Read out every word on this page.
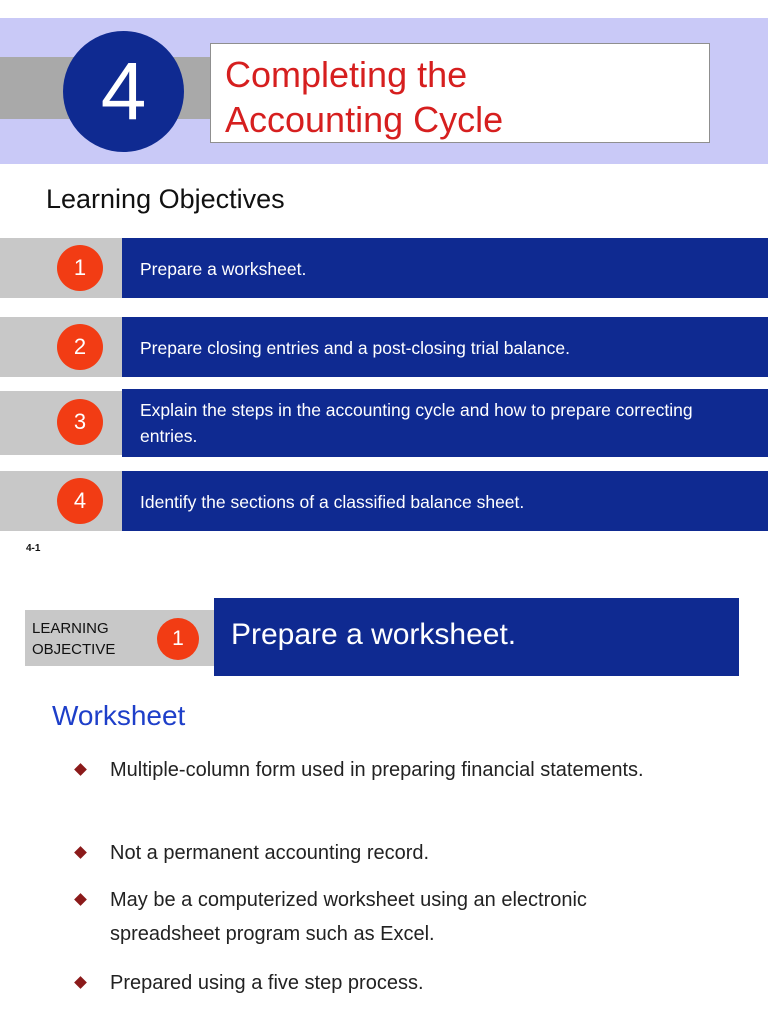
4	Completing the
Accounting Cycle
Learning Objectives
1	Prepare a worksheet.
2	Prepare closing entries and a post-closing trial balance.
3	Explain the steps in the accounting cycle and how to prepare correcting entries.
4	Identify the sections of a classified balance sheet.
4-1
LEARNING
OBJECTIVE	1	Prepare a worksheet.
Worksheet
Multiple-column form used in preparing financial statements.
Not a permanent accounting record.
May be a computerized worksheet using an electronic spreadsheet program such as Excel.
Prepared using a five step process.
